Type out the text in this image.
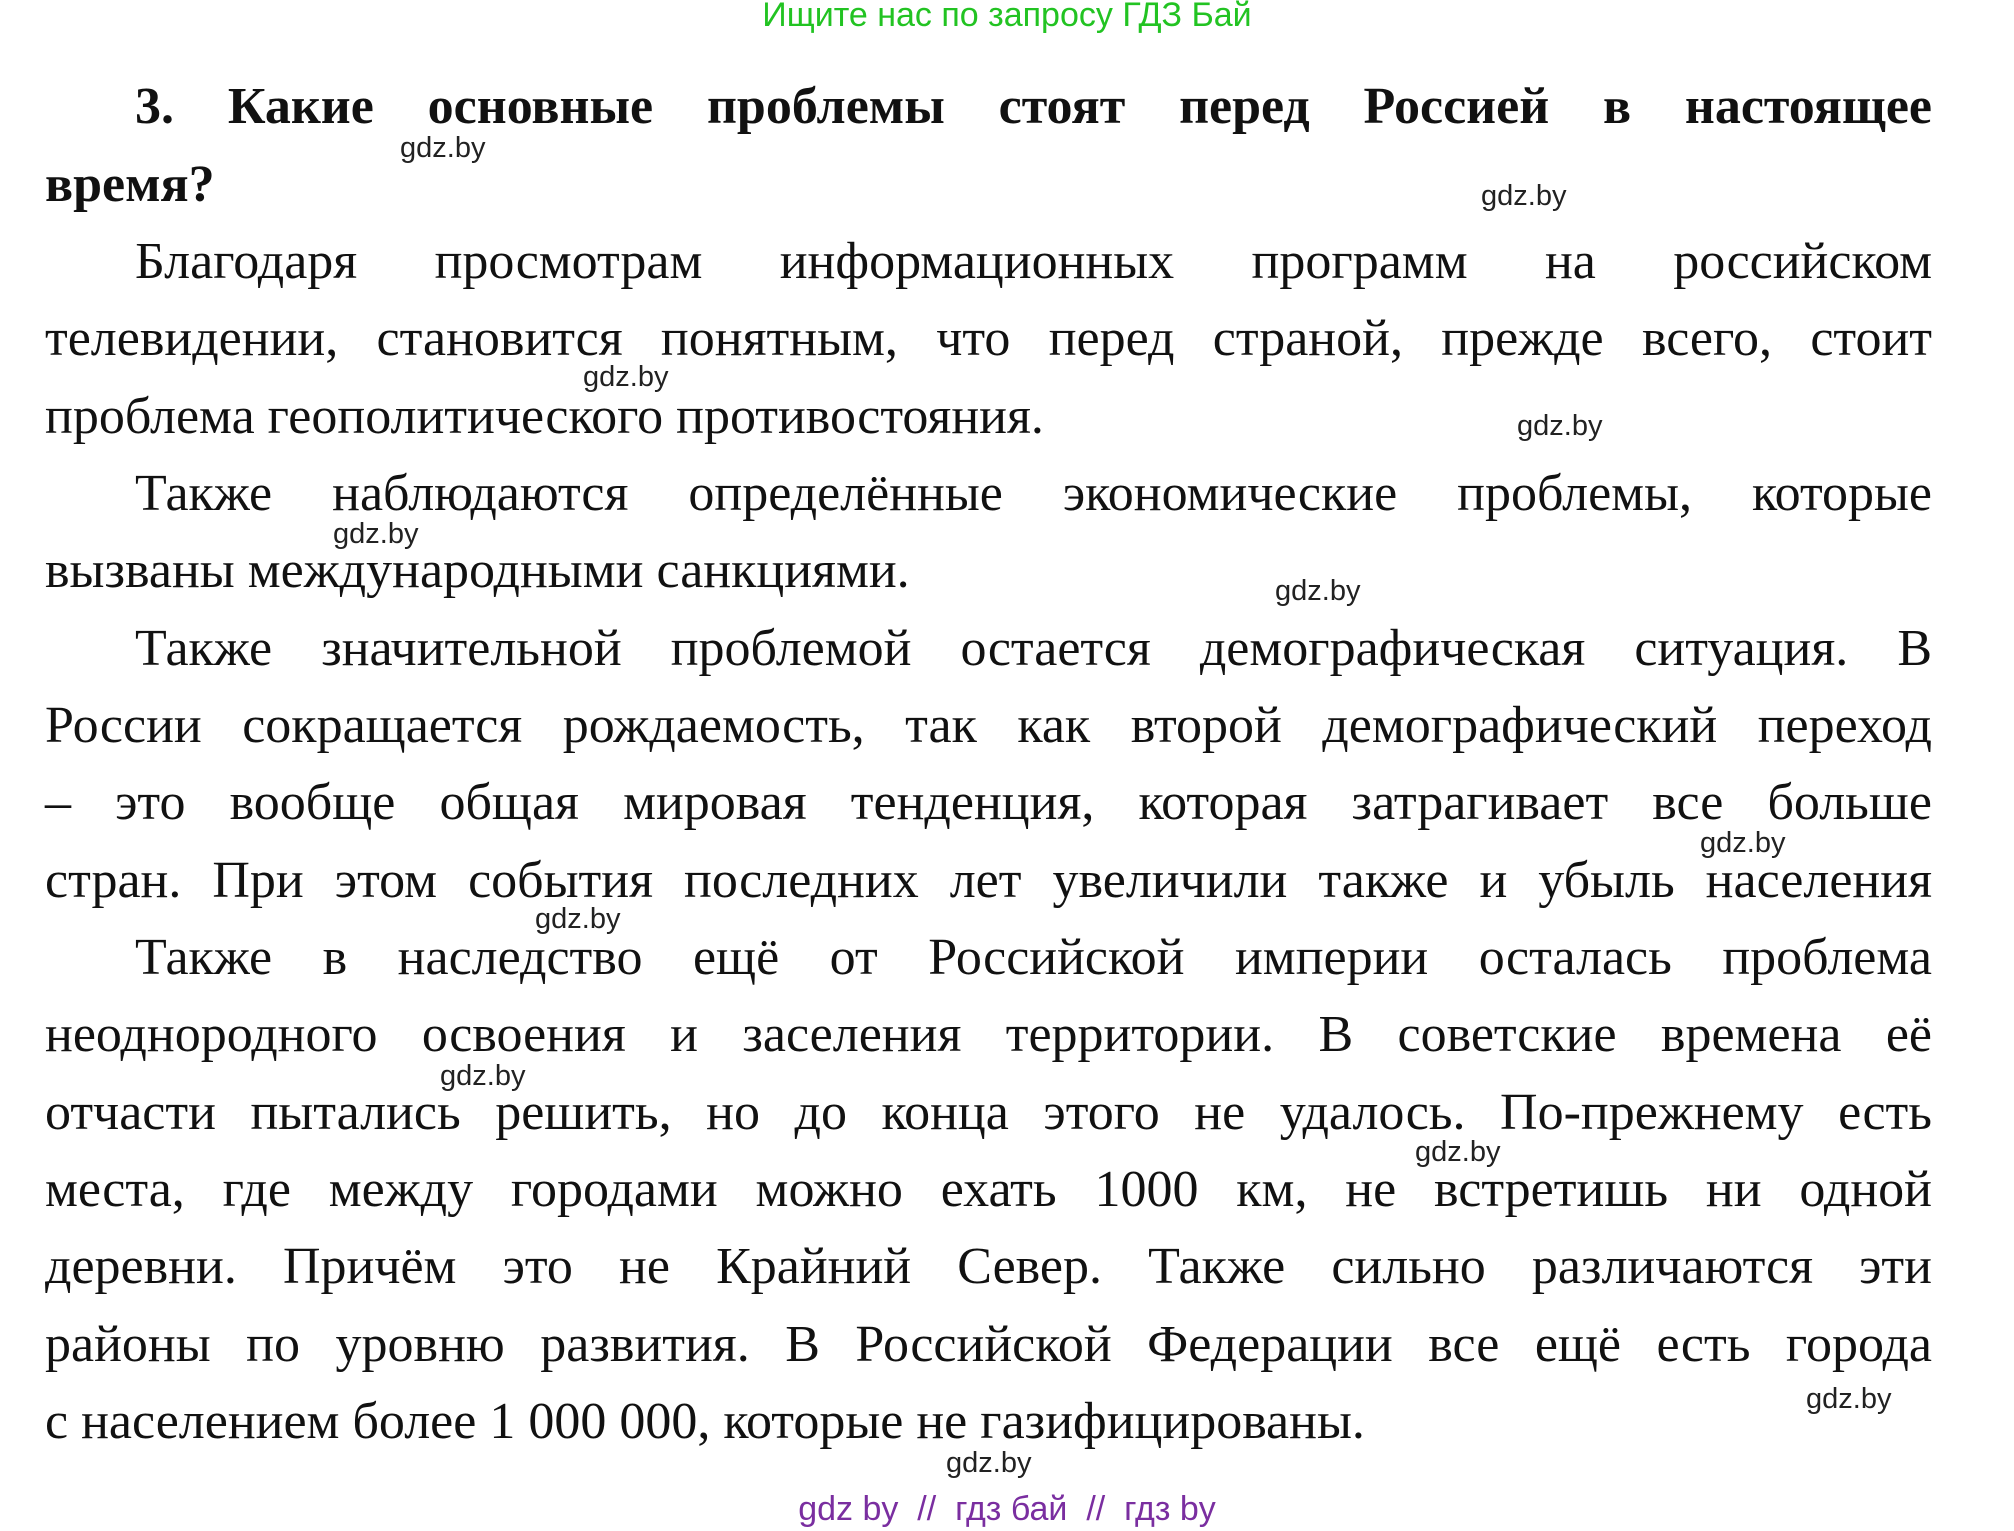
Ищите нас по запросу ГДЗ Бай
3. Какие основные проблемы стоят перед Россией в настоящее
время?
Благодаря просмотрам информационных программ на российском
телевидении, становится понятным, что перед страной, прежде всего, стоит
проблема геополитического противостояния.
Также наблюдаются определённые экономические проблемы, которые
вызваны международными санкциями.
Также значительной проблемой остается демографическая ситуация. В
России сокращается рождаемость, так как второй демографический переход
– это вообще общая мировая тенденция, которая затрагивает все больше
стран. При этом события последних лет увеличили также и убыль населения
Также в наследство ещё от Российской империи осталась проблема
неоднородного освоения и заселения территории. В советские времена её
отчасти пытались решить, но до конца этого не удалось. По-прежнему есть
места, где между городами можно ехать 1000 км, не встретишь ни одной
деревни. Причём это не Крайний Север. Также сильно различаются эти
районы по уровню развития. В Российской Федерации все ещё есть города
с населением более 1 000 000, которые не газифицированы.
gdz.by
gdz.by
gdz.by
gdz.by
gdz.by
gdz.by
gdz.by
gdz.by
gdz.by
gdz.by
gdz.by
gdz.by
gdz by  //  гдз бай  //  гдз by
